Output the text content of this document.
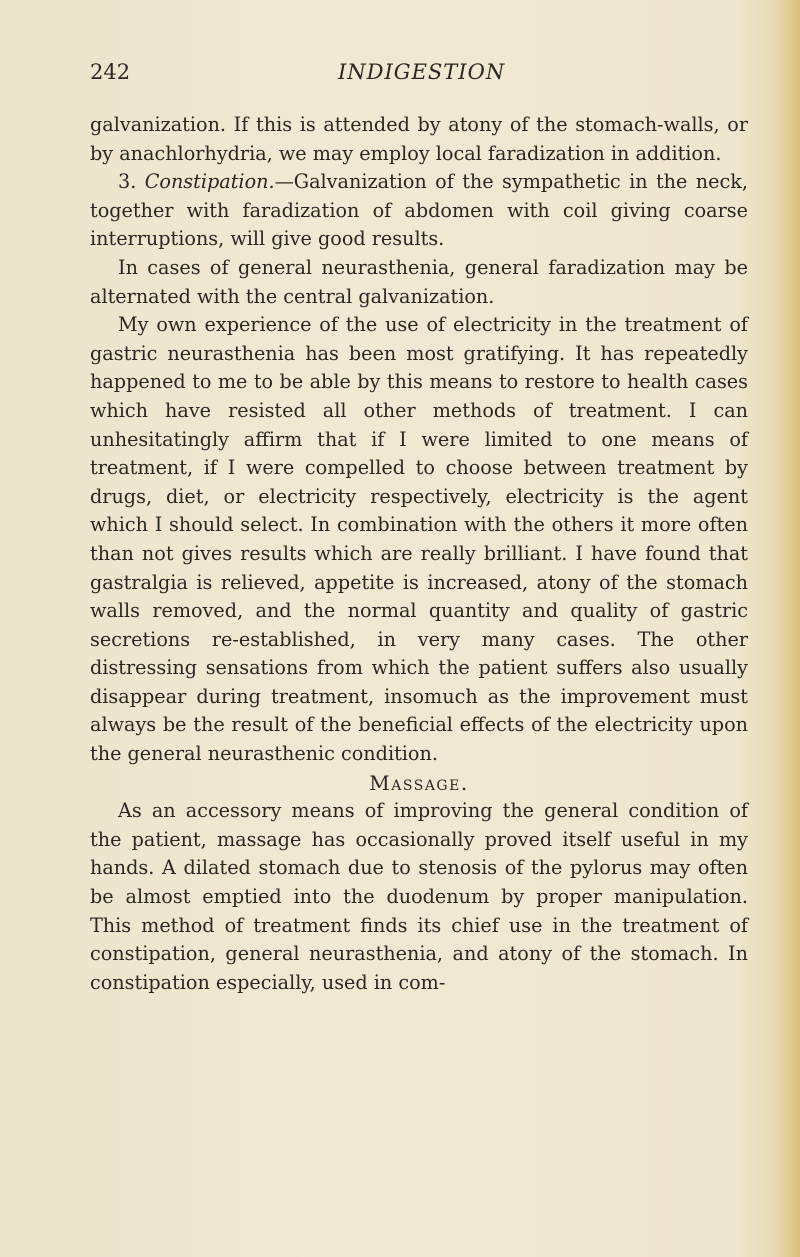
242	INDIGESTION

galvanization. If this is attended by atony of the stomach-walls, or by anachlorhydria, we may employ local faradization in addition.

3. Constipation.—Galvanization of the sympathetic in the neck, together with faradization of abdomen with coil giving coarse interruptions, will give good results.

In cases of general neurasthenia, general faradization may be alternated with the central galvanization.

My own experience of the use of electricity in the treatment of gastric neurasthenia has been most gratifying. It has repeatedly happened to me to be able by this means to restore to health cases which have resisted all other methods of treatment. I can unhesitatingly affirm that if I were limited to one means of treatment, if I were compelled to choose between treatment by drugs, diet, or electricity respectively, electricity is the agent which I should select. In combination with the others it more often than not gives results which are really brilliant. I have found that gastralgia is relieved, appetite is increased, atony of the stomach walls removed, and the normal quantity and quality of gastric secretions re-established, in very many cases. The other distressing sensations from which the patient suffers also usually disappear during treatment, insomuch as the improvement must always be the result of the beneficial effects of the electricity upon the general neurasthenic condition.

Massage.

As an accessory means of improving the general condition of the patient, massage has occasionally proved itself useful in my hands. A dilated stomach due to stenosis of the pylorus may often be almost emptied into the duodenum by proper manipulation. This method of treatment finds its chief use in the treatment of constipation, general neurasthenia, and atony of the stomach. In constipation especially, used in com-
